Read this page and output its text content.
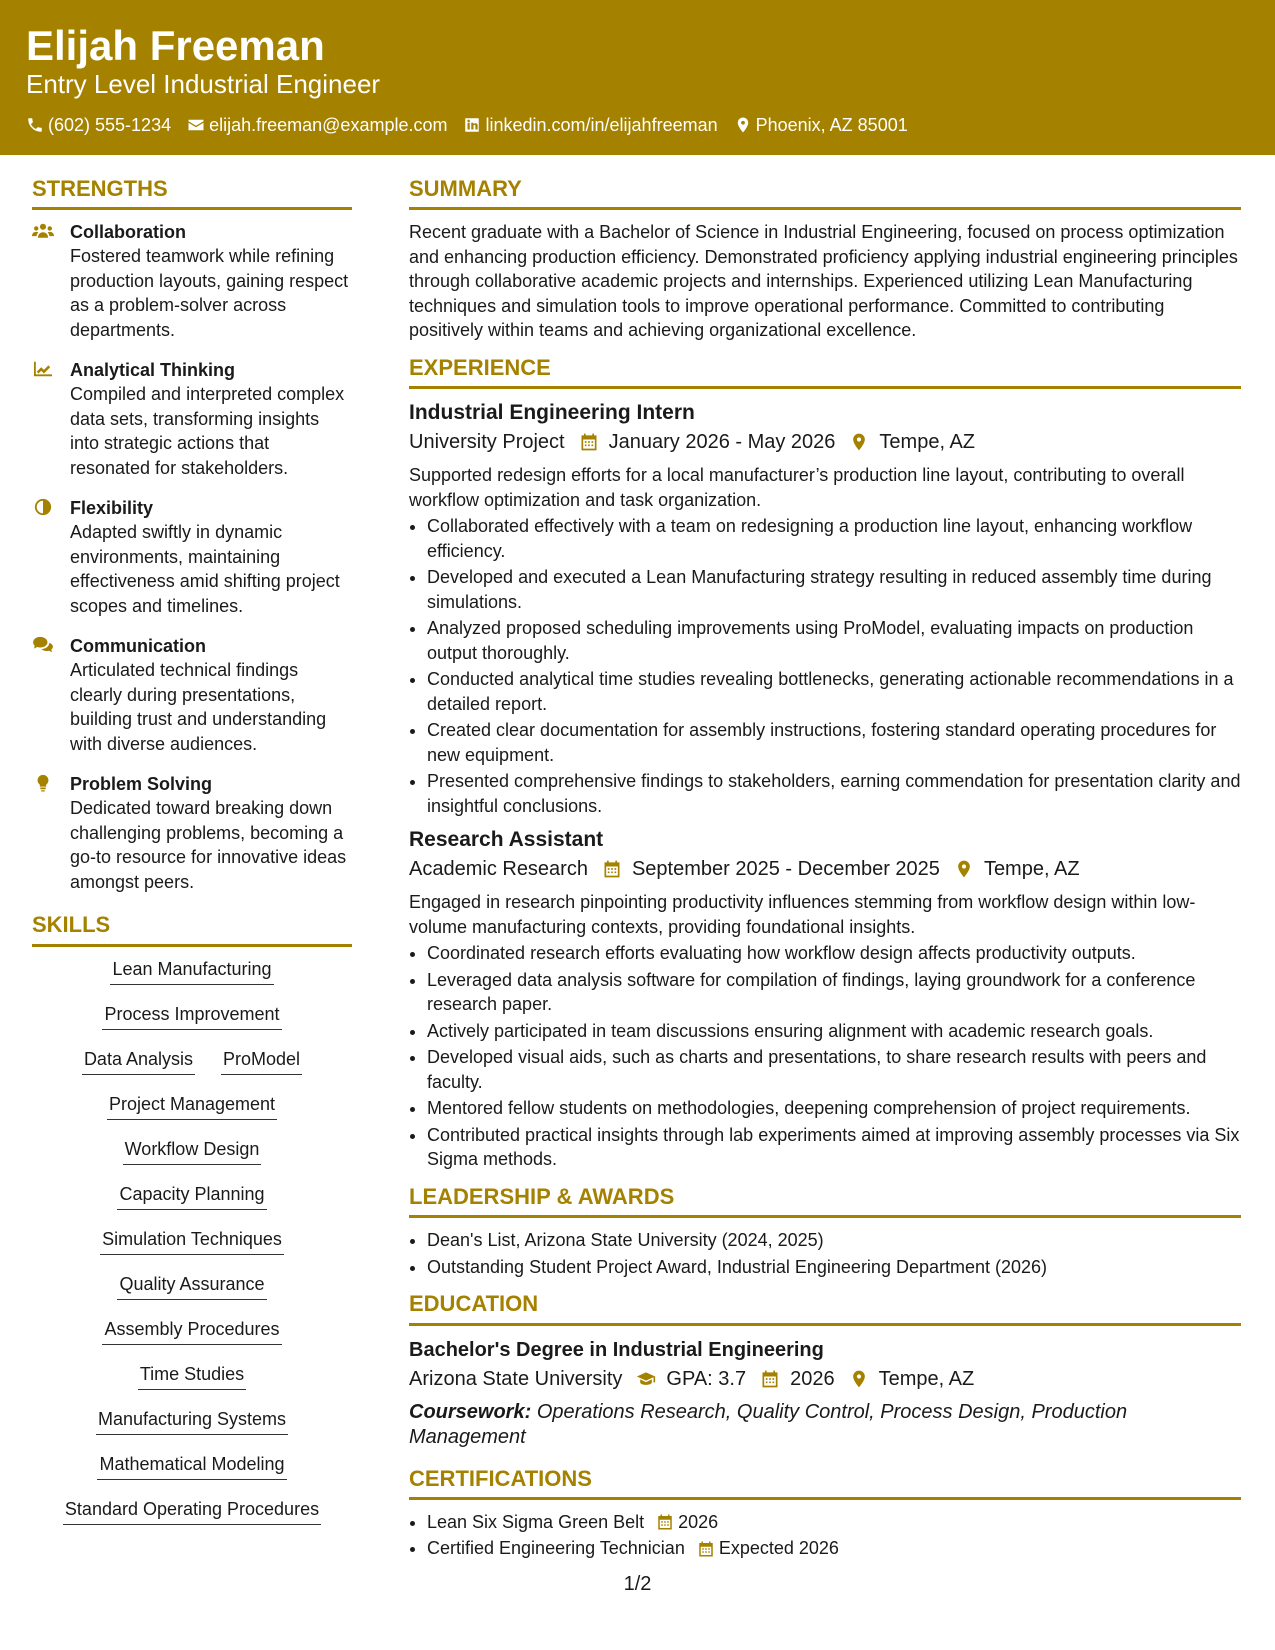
Elijah Freeman
Entry Level Industrial Engineer
(602) 555-1234 elijah.freeman@example.com linkedin.com/in/elijahfreeman Phoenix, AZ 85001
STRENGTHS
Collaboration
Fostered teamwork while refining production layouts, gaining respect as a problem-solver across departments.
Analytical Thinking
Compiled and interpreted complex data sets, transforming insights into strategic actions that resonated for stakeholders.
Flexibility
Adapted swiftly in dynamic environments, maintaining effectiveness amid shifting project scopes and timelines.
Communication
Articulated technical findings clearly during presentations, building trust and understanding with diverse audiences.
Problem Solving
Dedicated toward breaking down challenging problems, becoming a go-to resource for innovative ideas amongst peers.
SKILLS
Lean Manufacturing
Process Improvement
Data Analysis ProModel
Project Management
Workflow Design
Capacity Planning
Simulation Techniques
Quality Assurance
Assembly Procedures
Time Studies
Manufacturing Systems
Mathematical Modeling
Standard Operating Procedures
SUMMARY
Recent graduate with a Bachelor of Science in Industrial Engineering, focused on process optimization and enhancing production efficiency. Demonstrated proficiency applying industrial engineering principles through collaborative academic projects and internships. Experienced utilizing Lean Manufacturing techniques and simulation tools to improve operational performance. Committed to contributing positively within teams and achieving organizational excellence.
EXPERIENCE
Industrial Engineering Intern
University Project January 2026 - May 2026 Tempe, AZ
Supported redesign efforts for a local manufacturer’s production line layout, contributing to overall workflow optimization and task organization.
• Collaborated effectively with a team on redesigning a production line layout, enhancing workflow efficiency.
• Developed and executed a Lean Manufacturing strategy resulting in reduced assembly time during simulations.
• Analyzed proposed scheduling improvements using ProModel, evaluating impacts on production output thoroughly.
• Conducted analytical time studies revealing bottlenecks, generating actionable recommendations in a detailed report.
• Created clear documentation for assembly instructions, fostering standard operating procedures for new equipment.
• Presented comprehensive findings to stakeholders, earning commendation for presentation clarity and insightful conclusions.
Research Assistant
Academic Research September 2025 - December 2025 Tempe, AZ
Engaged in research pinpointing productivity influences stemming from workflow design within low-volume manufacturing contexts, providing foundational insights.
• Coordinated research efforts evaluating how workflow design affects productivity outputs.
• Leveraged data analysis software for compilation of findings, laying groundwork for a conference research paper.
• Actively participated in team discussions ensuring alignment with academic research goals.
• Developed visual aids, such as charts and presentations, to share research results with peers and faculty.
• Mentored fellow students on methodologies, deepening comprehension of project requirements.
• Contributed practical insights through lab experiments aimed at improving assembly processes via Six Sigma methods.
LEADERSHIP & AWARDS
• Dean's List, Arizona State University (2024, 2025)
• Outstanding Student Project Award, Industrial Engineering Department (2026)
EDUCATION
Bachelor's Degree in Industrial Engineering
Arizona State University GPA: 3.7 2026 Tempe, AZ
Coursework: Operations Research, Quality Control, Process Design, Production Management
CERTIFICATIONS
• Lean Six Sigma Green Belt 2026
• Certified Engineering Technician Expected 2026
1/2
